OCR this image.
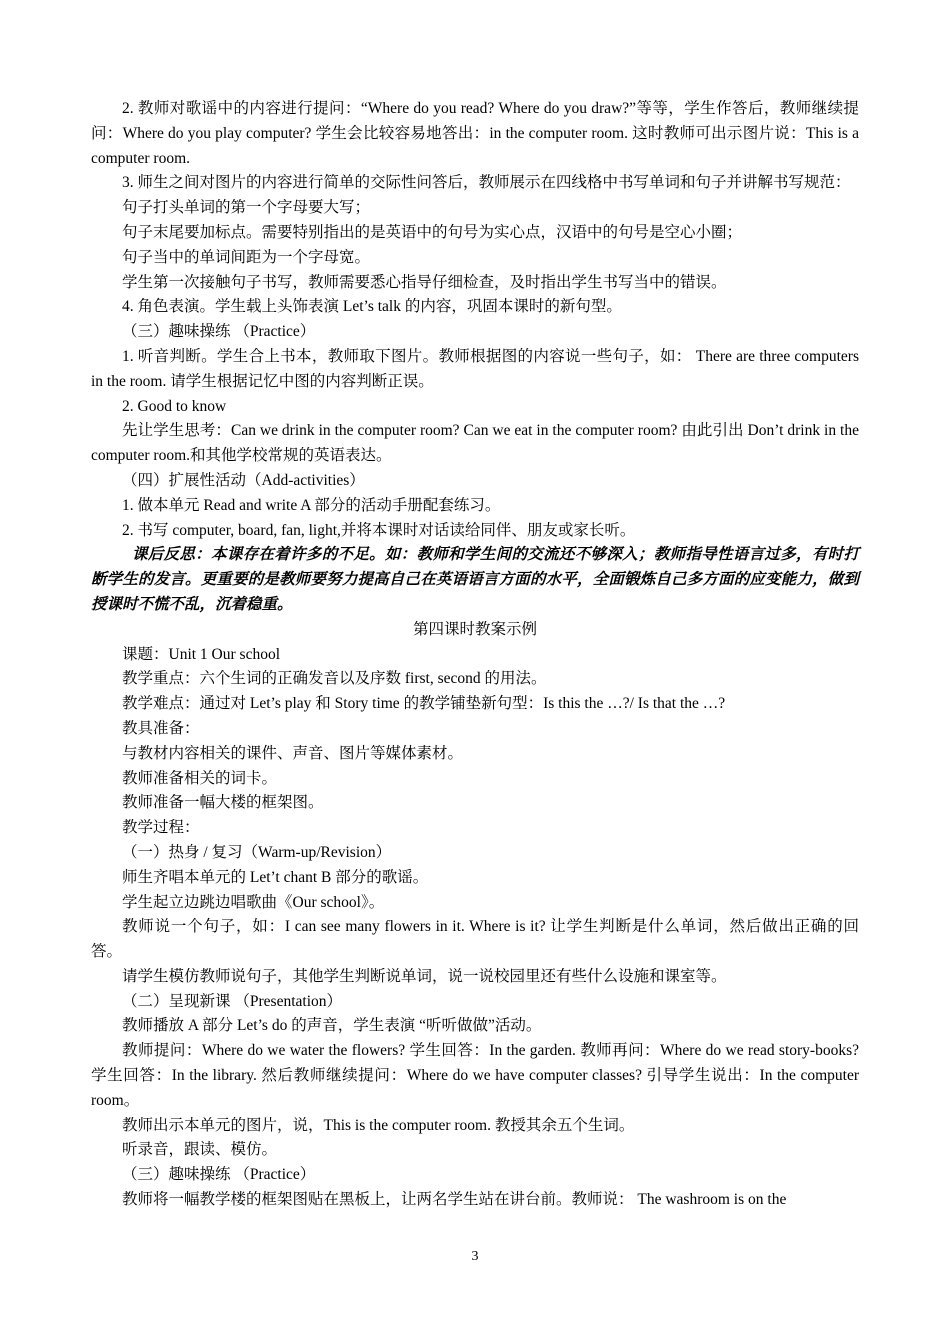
2. 教师对歌谣中的内容进行提问：“Where do you read? Where do you draw?”等等，学生作答后，教师继续提问：Where do you play computer? 学生会比较容易地答出：in the computer room. 这时教师可出示图片说：This is a computer room.

3. 师生之间对图片的内容进行简单的交际性问答后，教师展示在四线格中书写单词和句子并讲解书写规范：

句子打头单词的第一个字母要大写；

句子末尾要加标点。需要特别指出的是英语中的句号为实心点，汉语中的句号是空心小圈；

句子当中的单词间距为一个字母宽。

学生第一次接触句子书写，教师需要悉心指导仔细检查，及时指出学生书写当中的错误。

4. 角色表演。学生载上头饰表演 Let’s talk 的内容，巩固本课时的新句型。

（三）趣味操练 （Practice）

1. 听音判断。学生合上书本，教师取下图片。教师根据图的内容说一些句子，如： There are three computers in the room. 请学生根据记忆中图的内容判断正误。

2. Good to know

先让学生思考：Can we drink in the computer room? Can we eat in the computer room? 由此引出 Don’t drink in the computer room.和其他学校常规的英语表达。

（四）扩展性活动（Add-activities）

1. 做本单元 Read and write A 部分的活动手册配套练习。

2. 书写 computer, board, fan, light,并将本课时对话读给同伴、朋友或家长听。

课后反思：本课存在着许多的不足。如：教师和学生间的交流还不够深入；教师指导性语言过多，有时打断学生的发言。更重要的是教师要努力提高自己在英语语言方面的水平，全面锻炼自己多方面的应变能力，做到授课时不慌不乱，沉着稳重。

第四课时教案示例

课题：Unit 1 Our school

教学重点：六个生词的正确发音以及序数 first, second 的用法。

教学难点：通过对 Let’s play 和 Story time 的教学铺垫新句型：Is this the …?/ Is that the …?

教具准备：

与教材内容相关的课件、声音、图片等媒体素材。

教师准备相关的词卡。

教师准备一幅大楼的框架图。

教学过程：

（一）热身 / 复习（Warm-up/Revision）

师生齐唱本单元的 Let’t chant B 部分的歌谣。

学生起立边跳边唱歌曲《Our school》。

教师说一个句子，如：I can see many flowers in it. Where is it? 让学生判断是什么单词，然后做出正确的回答。

请学生模仿教师说句子，其他学生判断说单词，说一说校园里还有些什么设施和课室等。

（二）呈现新课 （Presentation）

教师播放 A 部分 Let’s do 的声音，学生表演 “听听做做”活动。

教师提问：Where do we water the flowers? 学生回答：In the garden. 教师再问：Where do we read story-books? 学生回答：In the library. 然后教师继续提问：Where do we have computer classes? 引导学生说出：In the computer room。

教师出示本单元的图片，说，This is the computer room. 教授其余五个生词。

听录音，跟读、模仿。

（三）趣味操练 （Practice）

教师将一幅教学楼的框架图贴在黑板上，让两名学生站在讲台前。教师说： The washroom is on the

3
